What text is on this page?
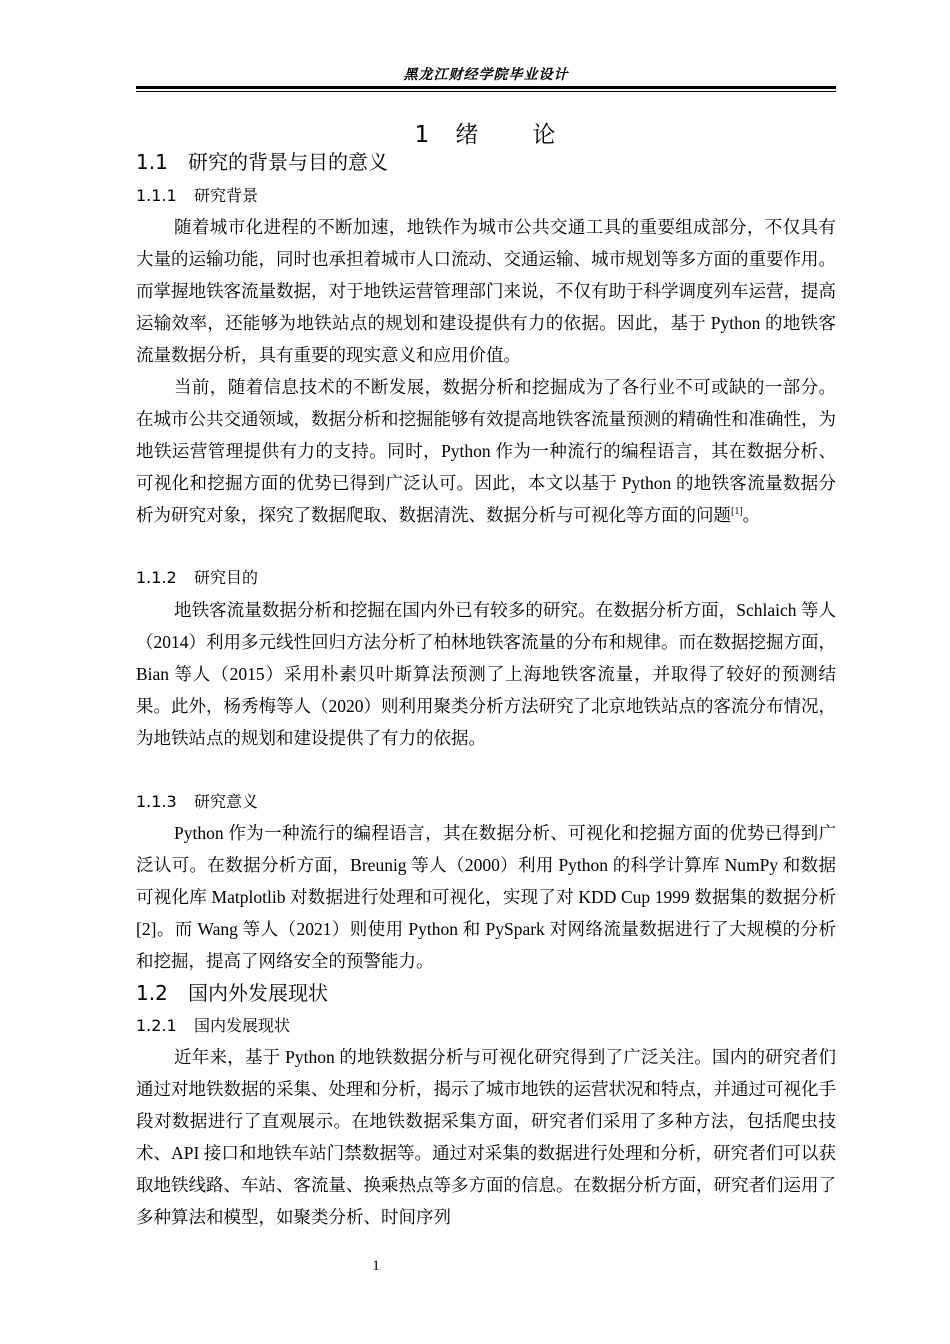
黑龙江财经学院毕业设计
1 绪 论
1.1 研究的背景与目的意义
1.1.1 研究背景
随着城市化进程的不断加速，地铁作为城市公共交通工具的重要组成部分，不仅具有大量的运输功能，同时也承担着城市人口流动、交通运输、城市规划等多方面的重要作用。而掌握地铁客流量数据，对于地铁运营管理部门来说，不仅有助于科学调度列车运营，提高运输效率，还能够为地铁站点的规划和建设提供有力的依据。因此，基于 Python 的地铁客流量数据分析，具有重要的现实意义和应用价值。
当前，随着信息技术的不断发展，数据分析和挖掘成为了各行业不可或缺的一部分。在城市公共交通领域，数据分析和挖掘能够有效提高地铁客流量预测的精确性和准确性，为地铁运营管理提供有力的支持。同时，Python 作为一种流行的编程语言，其在数据分析、可视化和挖掘方面的优势已得到广泛认可。因此，本文以基于 Python 的地铁客流量数据分析为研究对象，探究了数据爬取、数据清洗、数据分析与可视化等方面的问题[1]。
1.1.2 研究目的
地铁客流量数据分析和挖掘在国内外已有较多的研究。在数据分析方面，Schlaich 等人（2014）利用多元线性回归方法分析了柏林地铁客流量的分布和规律。而在数据挖掘方面，Bian 等人（2015）采用朴素贝叶斯算法预测了上海地铁客流量，并取得了较好的预测结果。此外，杨秀梅等人（2020）则利用聚类分析方法研究了北京地铁站点的客流分布情况，为地铁站点的规划和建设提供了有力的依据。
1.1.3 研究意义
Python 作为一种流行的编程语言，其在数据分析、可视化和挖掘方面的优势已得到广泛认可。在数据分析方面，Breunig 等人（2000）利用 Python 的科学计算库 NumPy 和数据可视化库 Matplotlib 对数据进行处理和可视化，实现了对 KDD Cup 1999 数据集的数据分析[2]。而 Wang 等人（2021）则使用 Python 和 PySpark 对网络流量数据进行了大规模的分析和挖掘，提高了网络安全的预警能力。
1.2 国内外发展现状
1.2.1 国内发展现状
近年来，基于 Python 的地铁数据分析与可视化研究得到了广泛关注。国内的研究者们通过对地铁数据的采集、处理和分析，揭示了城市地铁的运营状况和特点，并通过可视化手段对数据进行了直观展示。在地铁数据采集方面，研究者们采用了多种方法，包括爬虫技术、API 接口和地铁车站门禁数据等。通过对采集的数据进行处理和分析，研究者们可以获取地铁线路、车站、客流量、换乘热点等多方面的信息。在数据分析方面，研究者们运用了多种算法和模型，如聚类分析、时间序列
1
